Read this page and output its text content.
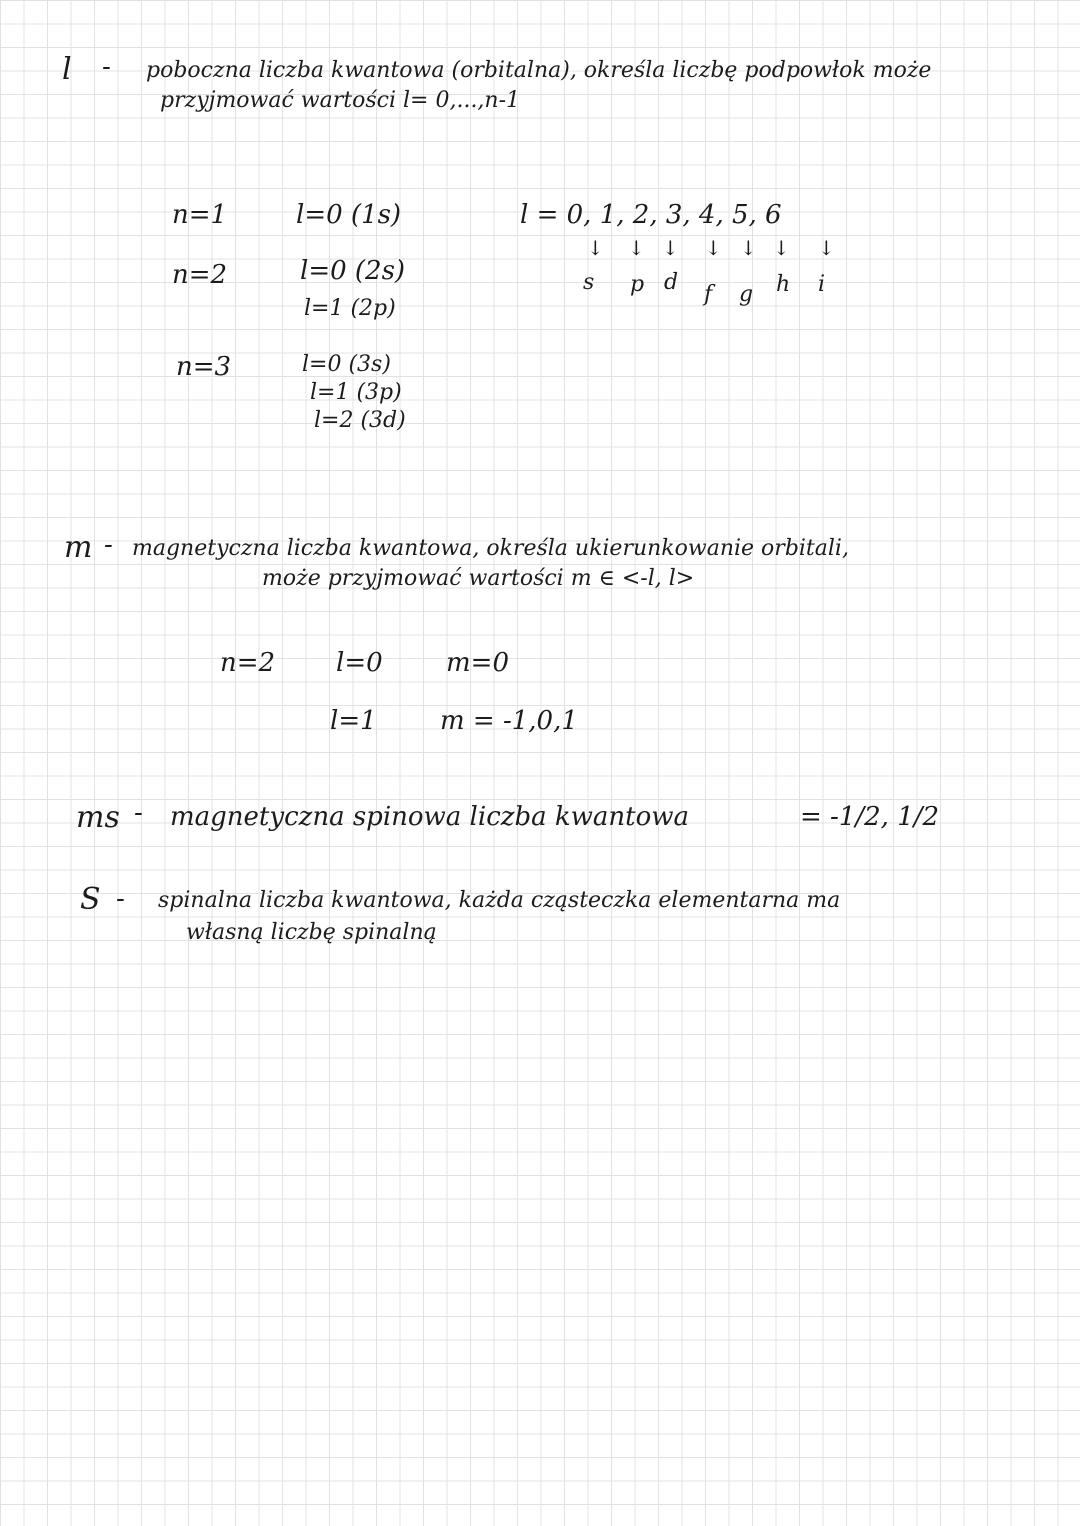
l - poboczna liczba kwantowa (orbitalna), określa liczbę podpowłok może
przyjmować wartości l= 0,...,n-1
n=1	l=0 (1s)
n=2	l=0 (2s)
l=1 (2p)
n=3	l=0 (3s)
l=1 (3p)
l=2 (3d)
l = 0, 1, 2, 3, 4, 5, 6
↓ ↓ ↓ ↓ ↓ ↓ ↓
s p d f g h i
m - magnetyczna liczba kwantowa, określa ukierunkowanie orbitali,
może przyjmować wartości m ∈ <-l, l>
n=2 l=0 m=0
l=1 m = -1,0,1
ms - magnetyczna spinowa liczba kwantowa	= -1/2, 1/2
S - spinalna liczba kwantowa, każda cząsteczka elementarna ma
własną liczbę spinalną
